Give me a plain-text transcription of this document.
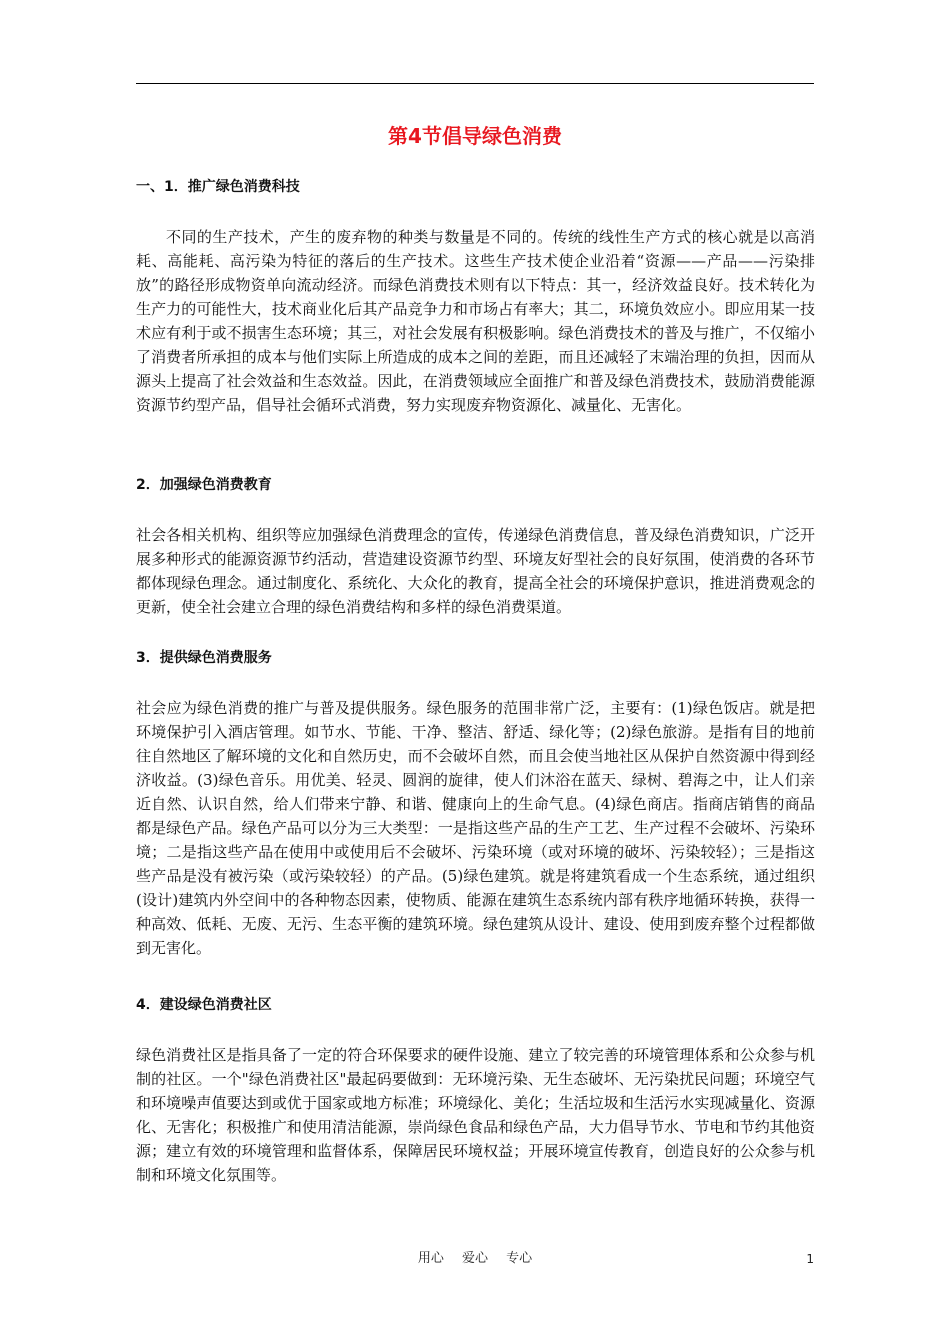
第4节倡导绿色消费
一、1．推广绿色消费科技

不同的生产技术，产生的废弃物的种类与数量是不同的。传统的线性生产方式的核心就是以高消耗、高能耗、高污染为特征的落后的生产技术。这些生产技术使企业沿着“资源——产品——污染排放”的路径形成物资单向流动经济。而绿色消费技术则有以下特点：其一，经济效益良好。技术转化为生产力的可能性大，技术商业化后其产品竞争力和市场占有率大；其二，环境负效应小。即应用某一技术应有利于或不损害生态环境；其三，对社会发展有积极影响。绿色消费技术的普及与推广，不仅缩小了消费者所承担的成本与他们实际上所造成的成本之间的差距，而且还减轻了末端治理的负担，因而从源头上提高了社会效益和生态效益。因此，在消费领域应全面推广和普及绿色消费技术，鼓励消费能源资源节约型产品，倡导社会循环式消费，努力实现废弃物资源化、减量化、无害化。

2．加强绿色消费教育

社会各相关机构、组织等应加强绿色消费理念的宣传，传递绿色消费信息，普及绿色消费知识，广泛开展多种形式的能源资源节约活动，营造建设资源节约型、环境友好型社会的良好氛围，使消费的各环节都体现绿色理念。通过制度化、系统化、大众化的教育，提高全社会的环境保护意识，推进消费观念的更新，使全社会建立合理的绿色消费结构和多样的绿色消费渠道。

3．提供绿色消费服务

社会应为绿色消费的推广与普及提供服务。绿色服务的范围非常广泛，主要有：(1)绿色饭店。就是把环境保护引入酒店管理。如节水、节能、干净、整洁、舒适、绿化等；(2)绿色旅游。是指有目的地前往自然地区了解环境的文化和自然历史，而不会破坏自然，而且会使当地社区从保护自然资源中得到经济收益。(3)绿色音乐。用优美、轻灵、圆润的旋律，使人们沐浴在蓝天、绿树、碧海之中，让人们亲近自然、认识自然，给人们带来宁静、和谐、健康向上的生命气息。(4)绿色商店。指商店销售的商品都是绿色产品。绿色产品可以分为三大类型：一是指这些产品的生产工艺、生产过程不会破坏、污染环境；二是指这些产品在使用中或使用后不会破坏、污染环境（或对环境的破坏、污染较轻）；三是指这些产品是没有被污染（或污染较轻）的产品。(5)绿色建筑。就是将建筑看成一个生态系统，通过组织(设计)建筑内外空间中的各种物态因素，使物质、能源在建筑生态系统内部有秩序地循环转换，获得一种高效、低耗、无废、无污、生态平衡的建筑环境。绿色建筑从设计、建设、使用到废弃整个过程都做到无害化。

4．建设绿色消费社区

绿色消费社区是指具备了一定的符合环保要求的硬件设施、建立了较完善的环境管理体系和公众参与机制的社区。一个"绿色消费社区"最起码要做到：无环境污染、无生态破坏、无污染扰民问题；环境空气和环境噪声值要达到或优于国家或地方标准；环境绿化、美化；生活垃圾和生活污水实现减量化、资源化、无害化；积极推广和使用清洁能源，崇尚绿色食品和绿色产品，大力倡导节水、节电和节约其他资源；建立有效的环境管理和监督体系，保障居民环境权益；开展环境宣传教育，创造良好的公众参与机制和环境文化氛围等。

用心 爱心 专心	1
